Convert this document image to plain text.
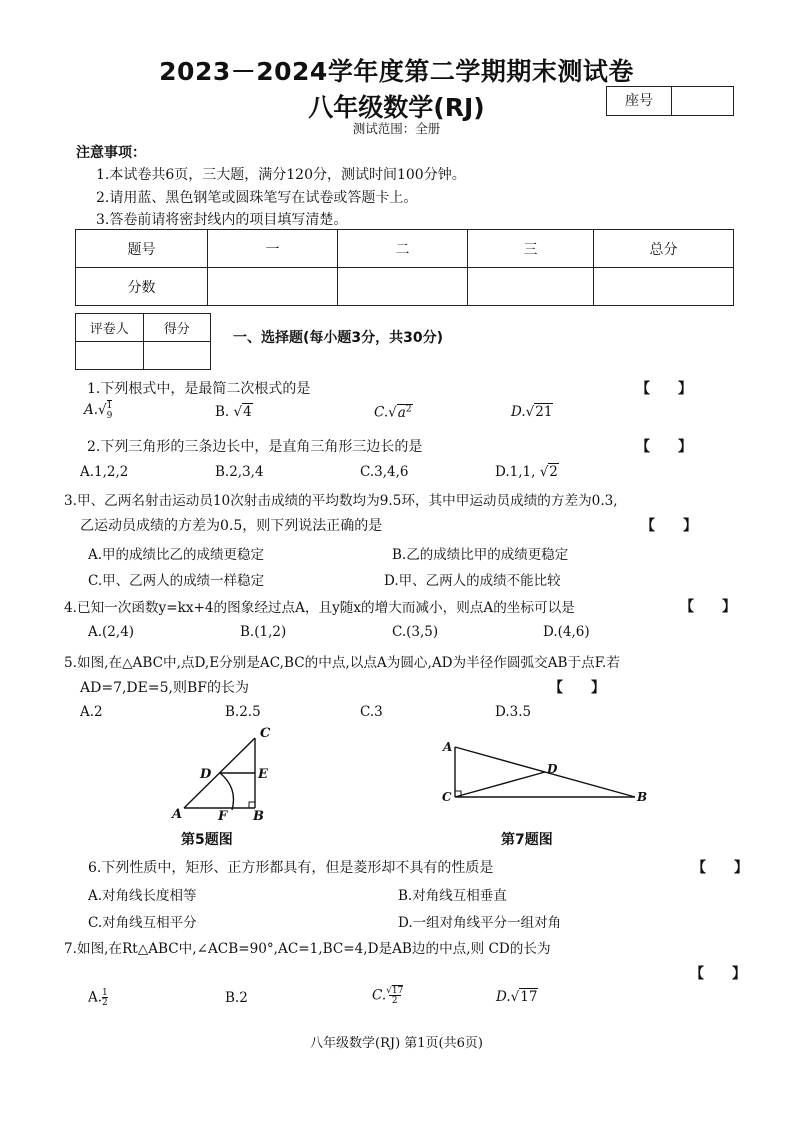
2023－2024学年度第二学期期末测试卷
八年级数学(RJ)	座号
测试范围：全册
注意事项：
1.本试卷共6页，三大题，满分120分，测试时间100分钟。
2.请用蓝、黑色钢笔或圆珠笔写在试卷或答题卡上。
3.答卷前请将密封线内的项目填写清楚。
题号	一	二	三	总分
分数				
评卷人	得分

一、选择题(每小题3分，共30分)
1.下列根式中，是最简二次根式的是	【　　】
A.√1
9	B. √4	$C.√a^2$	D.√21
2.下列三角形的三条边长中，是直角三角形三边长的是	【　　】
A.1,2,2	B.2,3,4	C.3,4,6	D.1,1, √2
3.甲、乙两名射击运动员10次射击成绩的平均数均为9.5环，其中甲运动员成绩的方差为0.3,
乙运动员成绩的方差为0.5，则下列说法正确的是	【　　】
A.甲的成绩比乙的成绩更稳定	B.乙的成绩比甲的成绩更稳定
C.甲、乙两人的成绩一样稳定	D.甲、乙两人的成绩不能比较
4.已知一次函数y=kx+4的图象经过点A，且y随x的增大而减小，则点A的坐标可以是	【　　】
A.(2,4)	B.(1,2)	C.(3,5)	D.(4,6)
5.如图,在△ABC中,点D,E分别是AC,BC的中点,以点A为圆心,AD为半径作圆弧交AB于点F.若
AD=7,DE=5,则BF的长为	【　　】
A.2	B.2.5	C.3	D.3.5
C
D	E
A	F B
第5题图
A
D
C	B
第7题图
6.下列性质中，矩形、正方形都具有，但是菱形却不具有的性质是	【　　】
A.对角线长度相等	B.对角线互相垂直
C.对角线互相平分	D.一组对角线平分一组对角
7.如图,在Rt△ABC中,∠ACB=90°,AC=1,BC=4,D是AB边的中点,则 CD的长为
【　　】
$A.\frac{1}{2}$	B.2	C.√17
2	D.√17
八年级数学(RJ) 第1页(共6页)
